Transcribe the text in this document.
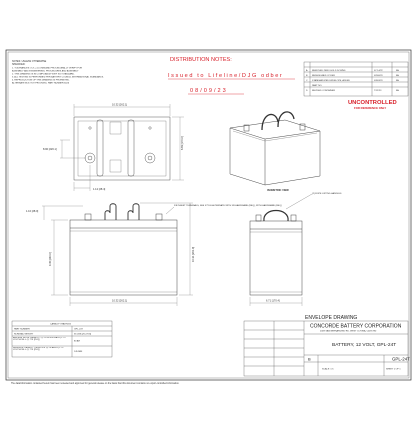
NOTES: UNLESS OTHERWISE
SPECIFIED:
1. TOLERANCES: X.X = ±0.5 MM AND PROCEDURALLY VERIFY FOR
ASSEMBLY AND ENGINEERING, PROCEDURES AND ASSEMBLY
2. THIS DRAWING IS IN COMPLIANCE WITH ISO STANDARD.
3. ALL TESTING IS PERFORMED PER BATTERY COUNCIL INTERNATIONAL STANDARDS.
4. REPRODUCTION OF THIS DRAWING IS PROHIBITED.
ALTERNATE BOLT KIT PROVIDED, PART NUMBER 6026
DISTRIBUTION NOTES:
Issued to Lifeline/DJG odber
08/09/23
A REMOVED ZERO HOLD DOWNS	07-14/22	BH
B REDESIGNED COVER	02/06/23	BH
C STANDARDIZED ENVELOPE, ADDED	03/03/23	BH
PART NO.
D REVISED CONTAINER	7/12/23	BH
UNCONTROLLED
FOR REFERENCE ONLY
10.32 [262.1]
6.69 [170.0]
8.90 [226.1]
1.12 [28.4]	ISOMETRIC VIEW
10.32 [262.1]
9.45 [240.0]	10.31 [261.9]
1.10 [28.0]
3/8 INSERT TERMINALS, SEE STYLE ALTERNATE WITH 3/8 HARDWARE (REQ), WITH HARDWARE (REQ)
6.71 [170.4]
(2) ROPE LIFTING HANDLES
CAPACITY RATINGS
PART NUMBER	GPL-24T
NOMINAL WEIGHT	56 LBS [25.4 KG]
AMPERE HOUR CAPACITY @ 20 HOUR RATE (1.75 VOLTS/CELL @ 77F [25C])
80 AH
RESERVE CAPACITY MINUTES @ 25 AMPS (1.75 VOLTS/CELL @ 77F [25C])
145 MIN
ENVELOPE DRAWING
CONCORDE BATTERY CORPORATION
2009 SAN BERNARDINO RD. WEST COVINA, CA 91790
BATTERY, 12 VOLT, GPL-24T
B	GPL-24T
SCALE: 1:5	SHEET 1 OF 1
The data/information contained herein has been reviewed and approved for general release on the basis that this document contains no export-controlled information.
